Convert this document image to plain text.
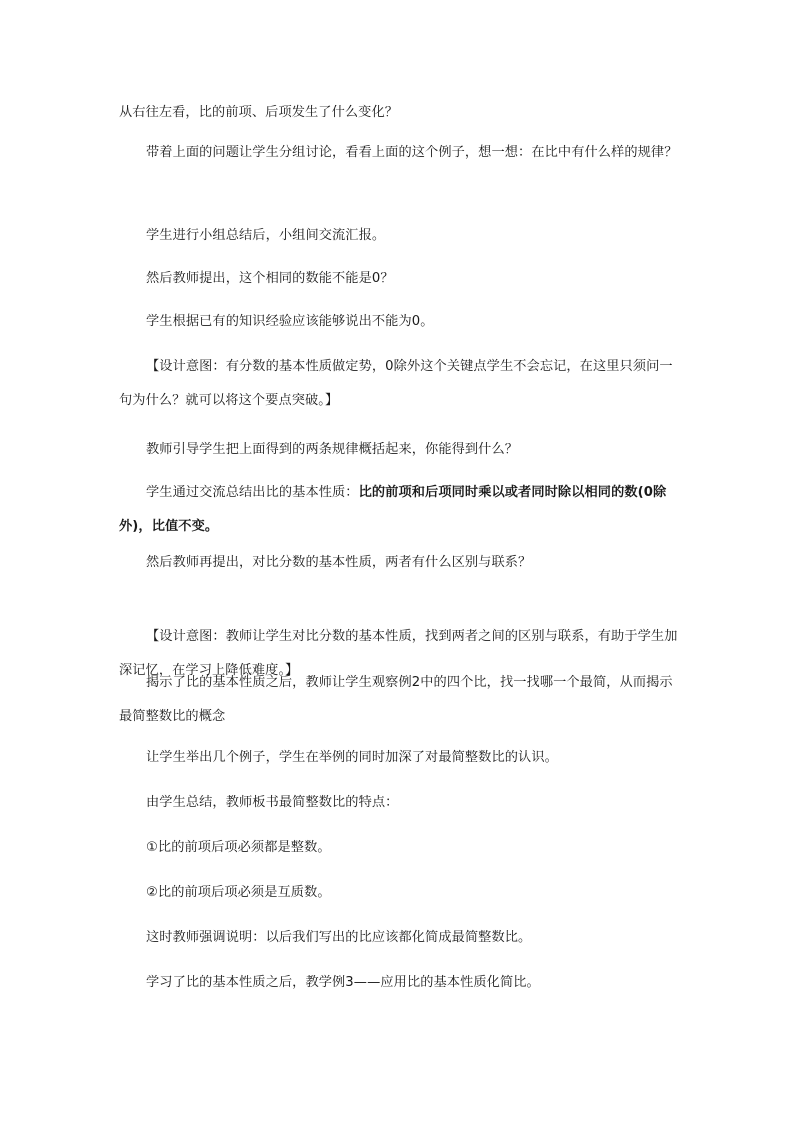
从右往左看，比的前项、后项发生了什么变化？

带着上面的问题让学生分组讨论，看看上面的这个例子，想一想：在比中有什么样的规律？

学生进行小组总结后，小组间交流汇报。

然后教师提出，这个相同的数能不能是0？

学生根据已有的知识经验应该能够说出不能为0。

【设计意图：有分数的基本性质做定势，0除外这个关键点学生不会忘记，在这里只须问一句为什么？就可以将这个要点突破。】

教师引导学生把上面得到的两条规律概括起来，你能得到什么？

学生通过交流总结出比的基本性质：比的前项和后项同时乘以或者同时除以相同的数(0除外)，比值不变。

然后教师再提出，对比分数的基本性质，两者有什么区别与联系？

【设计意图：教师让学生对比分数的基本性质，找到两者之间的区别与联系，有助于学生加深记忆，在学习上降低难度。】

揭示了比的基本性质之后，教师让学生观察例2中的四个比，找一找哪一个最简，从而揭示最简整数比的概念

让学生举出几个例子，学生在举例的同时加深了对最简整数比的认识。

由学生总结，教师板书最简整数比的特点：

①比的前项后项必须都是整数。

②比的前项后项必须是互质数。

这时教师强调说明：以后我们写出的比应该都化简成最简整数比。

学习了比的基本性质之后，教学例3——应用比的基本性质化简比。
